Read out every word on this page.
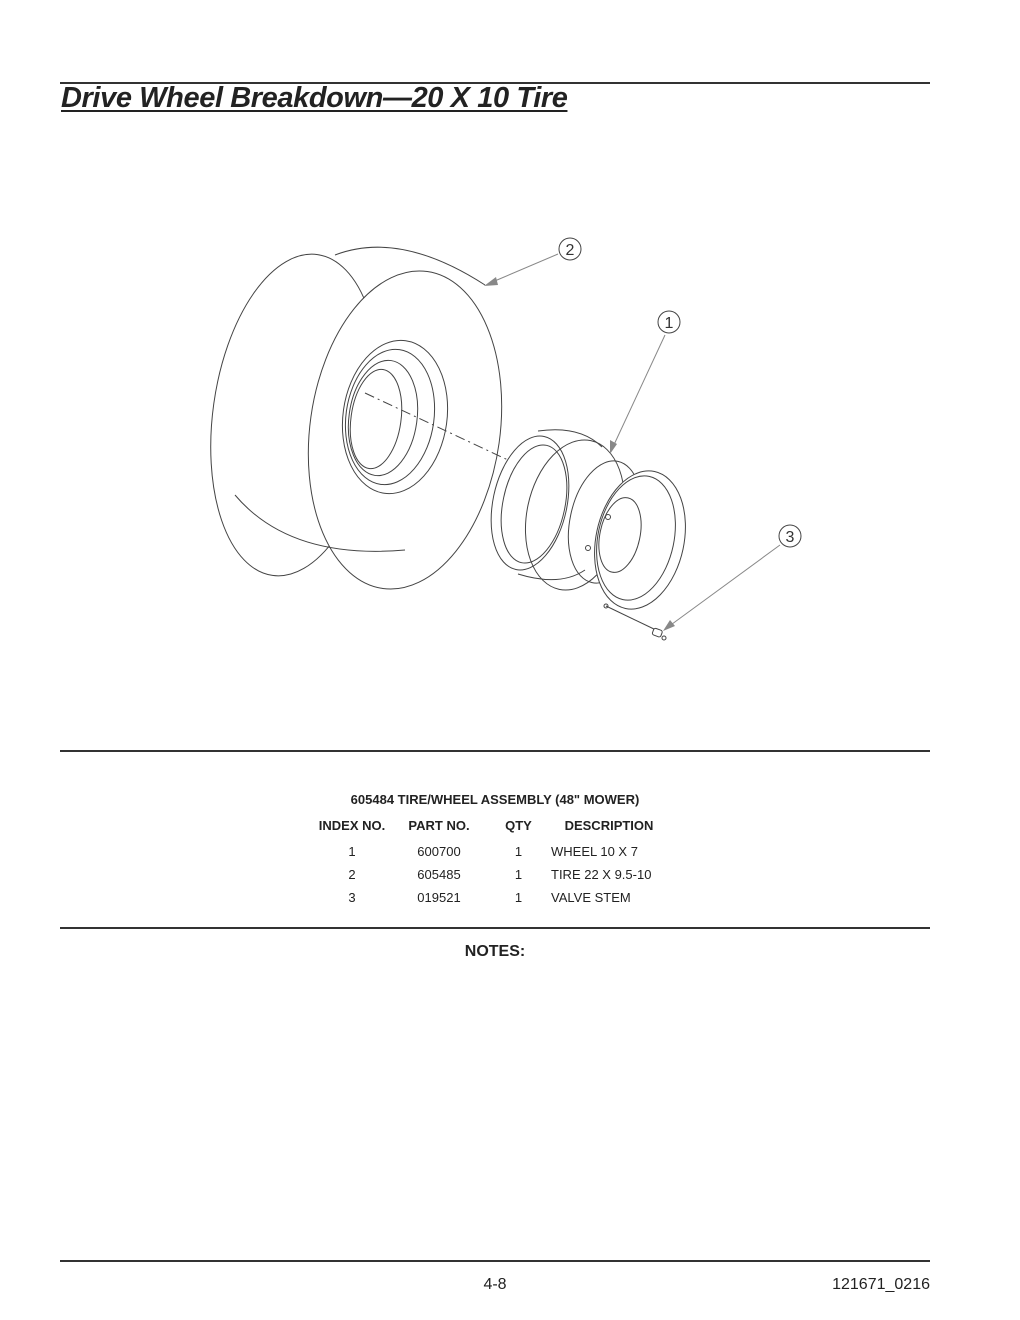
Drive Wheel Breakdown—20 X 10 Tire
2
1
3
605484 TIRE/WHEEL ASSEMBLY (48" MOWER)
INDEX NO.	PART NO.	QTY	DESCRIPTION
1	600700	1	WHEEL 10 X 7
2	605485	1	TIRE 22 X 9.5-10
3	019521	1	VALVE STEM
NOTES:
4-8	121671_0216
